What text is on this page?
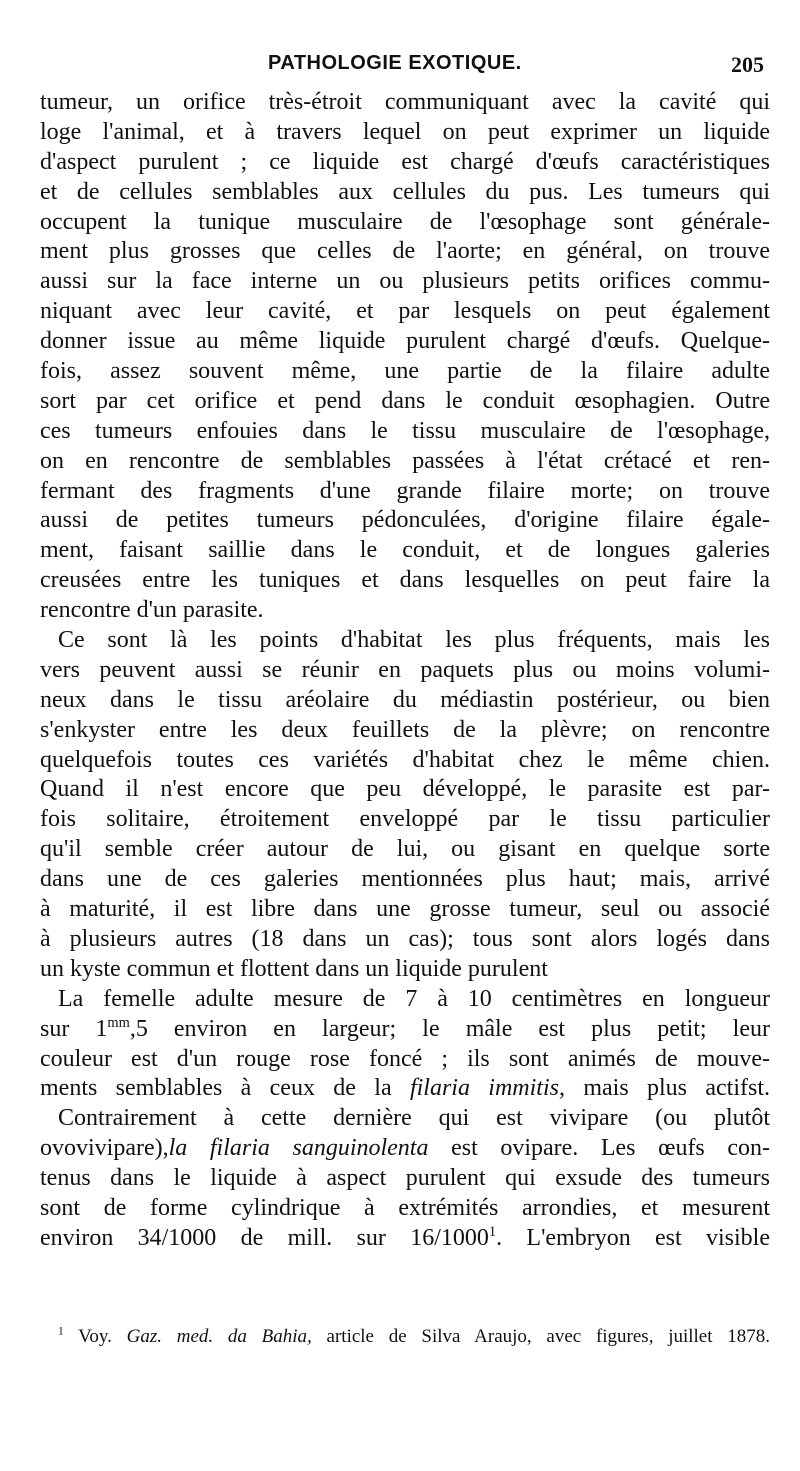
PATHOLOGIE EXOTIQUE.	205
tumeur, un orifice très-étroit communiquant avec la cavité qui
loge l'animal, et à travers lequel on peut exprimer un liquide
d'aspect purulent ; ce liquide est chargé d'œufs caractéristiques
et de cellules semblables aux cellules du pus. Les tumeurs qui
occupent la tunique musculaire de l'œsophage sont générale-
ment plus grosses que celles de l'aorte; en général, on trouve
aussi sur la face interne un ou plusieurs petits orifices commu-
niquant avec leur cavité, et par lesquels on peut également
donner issue au même liquide purulent chargé d'œufs. Quelque-
fois, assez souvent même, une partie de la filaire adulte
sort par cet orifice et pend dans le conduit œsophagien. Outre
ces tumeurs enfouies dans le tissu musculaire de l'œsophage,
on en rencontre de semblables passées à l'état crétacé et ren-
fermant des fragments d'une grande filaire morte; on trouve
aussi de petites tumeurs pédonculées, d'origine filaire égale-
ment, faisant saillie dans le conduit, et de longues galeries
creusées entre les tuniques et dans lesquelles on peut faire la
rencontre d'un parasite.
Ce sont là les points d'habitat les plus fréquents, mais les
vers peuvent aussi se réunir en paquets plus ou moins volumi-
neux dans le tissu aréolaire du médiastin postérieur, ou bien
s'enkyster entre les deux feuillets de la plèvre; on rencontre
quelquefois toutes ces variétés d'habitat chez le même chien.
Quand il n'est encore que peu développé, le parasite est par-
fois solitaire, étroitement enveloppé par le tissu particulier
qu'il semble créer autour de lui, ou gisant en quelque sorte
dans une de ces galeries mentionnées plus haut; mais, arrivé
à maturité, il est libre dans une grosse tumeur, seul ou associé
à plusieurs autres (18 dans un cas); tous sont alors logés dans
un kyste commun et flottent dans un liquide purulent
La femelle adulte mesure de 7 à 10 centimètres en longueur
sur $1^{mm},5$ environ en largeur; le mâle est plus petit; leur
couleur est d'un rouge rose foncé ; ils sont animés de mouve-
ments semblables à ceux de la filaria immitis, mais plus actifst.
Contrairement à cette dernière qui est vivipare (ou plutôt
ovovivipare),la filaria sanguinolenta est ovipare. Les œufs con-
tenus dans le liquide à aspect purulent qui exsude des tumeurs
sont de forme cylindrique à extrémités arrondies, et mesurent
environ 34/1000 de mill. sur 16/1000$^1$. L'embryon est visible
$^1$ Voy. Gaz. med. da Bahia, article de Silva Araujo, avec figures, juillet 1878.
